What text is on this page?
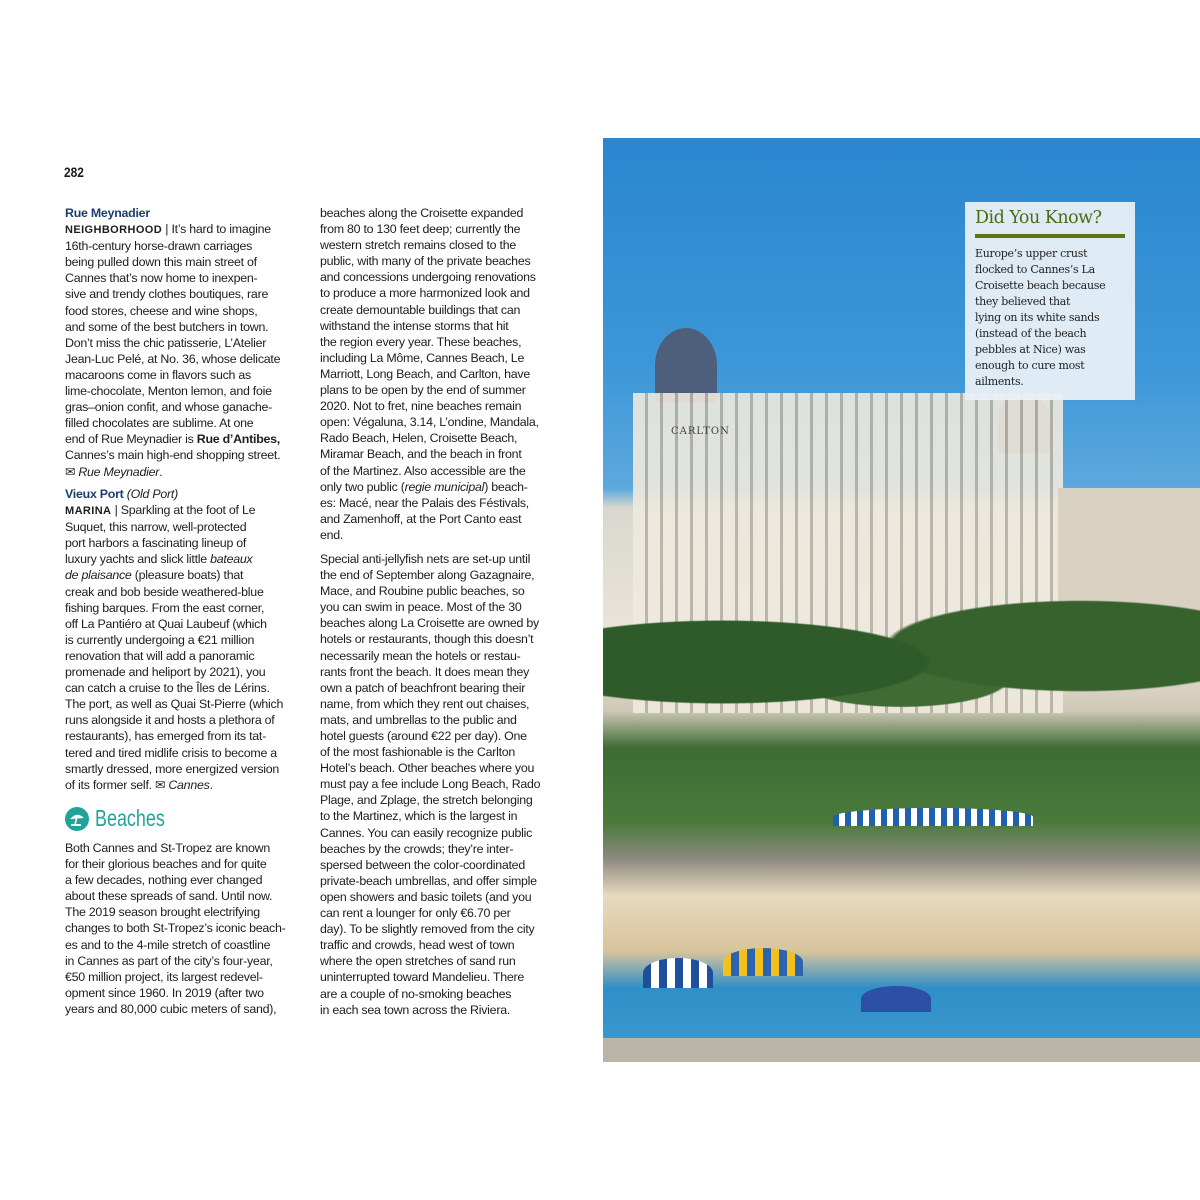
282
Rue Meynadier
NEIGHBORHOOD | It’s hard to imagine
16th-century horse-drawn carriages
being pulled down this main street of
Cannes that’s now home to inexpen-
sive and trendy clothes boutiques, rare
food stores, cheese and wine shops,
and some of the best butchers in town.
Don’t miss the chic patisserie, L’Atelier
Jean-Luc Pelé, at No. 36, whose delicate
macaroons come in flavors such as
lime-chocolate, Menton lemon, and foie
gras–onion confit, and whose ganache-
filled chocolates are sublime. At one
end of Rue Meynadier is Rue d’Antibes,
Cannes’s main high-end shopping street.
✉ Rue Meynadier.
Vieux Port (Old Port)
MARINA | Sparkling at the foot of Le
Suquet, this narrow, well-protected
port harbors a fascinating lineup of
luxury yachts and slick little bateaux
de plaisance (pleasure boats) that
creak and bob beside weathered-blue
fishing barques. From the east corner,
off La Pantiéro at Quai Laubeuf (which
is currently undergoing a €21 million
renovation that will add a panoramic
promenade and heliport by 2021), you
can catch a cruise to the Îles de Lérins.
The port, as well as Quai St-Pierre (which
runs alongside it and hosts a plethora of
restaurants), has emerged from its tat-
tered and tired midlife crisis to become a
smartly dressed, more energized version
of its former self. ✉ Cannes.
Beaches
Both Cannes and St-Tropez are known
for their glorious beaches and for quite
a few decades, nothing ever changed
about these spreads of sand. Until now.
The 2019 season brought electrifying
changes to both St-Tropez’s iconic beach-
es and to the 4-mile stretch of coastline
in Cannes as part of the city’s four-year,
€50 million project, its largest redevel-
opment since 1960. In 2019 (after two
years and 80,000 cubic meters of sand),
beaches along the Croisette expanded
from 80 to 130 feet deep; currently the
western stretch remains closed to the
public, with many of the private beaches
and concessions undergoing renovations
to produce a more harmonized look and
create demountable buildings that can
withstand the intense storms that hit
the region every year. These beaches,
including La Môme, Cannes Beach, Le
Marriott, Long Beach, and Carlton, have
plans to be open by the end of summer
2020. Not to fret, nine beaches remain
open: Végaluna, 3.14, L’ondine, Mandala,
Rado Beach, Helen, Croisette Beach,
Miramar Beach, and the beach in front
of the Martinez. Also accessible are the
only two public (regie municipal) beach-
es: Macé, near the Palais des Féstivals,
and Zamenhoff, at the Port Canto east
end.
Special anti-jellyfish nets are set-up until
the end of September along Gazagnaire,
Mace, and Roubine public beaches, so
you can swim in peace. Most of the 30
beaches along La Croisette are owned by
hotels or restaurants, though this doesn’t
necessarily mean the hotels or restau-
rants front the beach. It does mean they
own a patch of beachfront bearing their
name, from which they rent out chaises,
mats, and umbrellas to the public and
hotel guests (around €22 per day). One
of the most fashionable is the Carlton
Hotel’s beach. Other beaches where you
must pay a fee include Long Beach, Rado
Plage, and Zplage, the stretch belonging
to the Martinez, which is the largest in
Cannes. You can easily recognize public
beaches by the crowds; they’re inter-
spersed between the color-coordinated
private-beach umbrellas, and offer simple
open showers and basic toilets (and you
can rent a lounger for only €6.70 per
day). To be slightly removed from the city
traffic and crowds, head west of town
where the open stretches of sand run
uninterrupted toward Mandelieu. There
are a couple of no-smoking beaches
in each sea town across the Riviera.
CARLTON
Did You Know?
Europe’s upper crust
flocked to Cannes’s La
Croisette beach because
they believed that
lying on its white sands
(instead of the beach
pebbles at Nice) was
enough to cure most
ailments.
